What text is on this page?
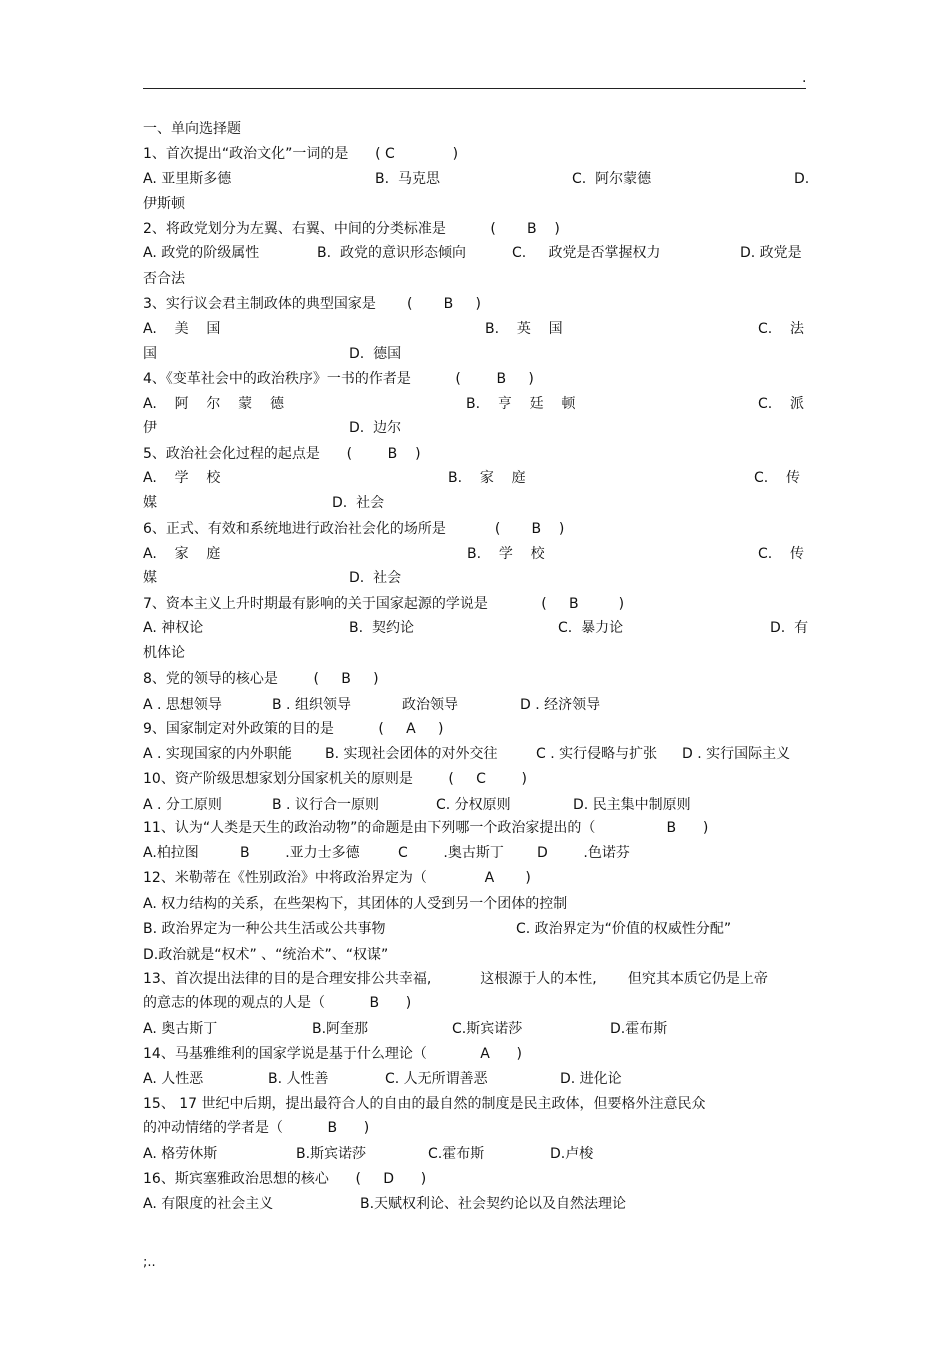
.
一、单向选择题
1、首次提出“政治文化”一词的是      ( C             )
A. 亚里斯多德	B.  马克思	C.  阿尔蒙德	D.
伊斯顿
2、将政党划分为左翼、右翼、中间的分类标准是          (       B    )
A. 政党的阶级属性	B.  政党的意识形态倾向	C.     政党是否掌握权力	D. 政党是
否合法
3、实行议会君主制政体的典型国家是       (       B     )
A.    美    国	B.    英    国	C.    法
国	D.  德国
4、《变革社会中的政治秩序》一书的作者是          (        B     )
A.    阿    尔    蒙    德	B.    亨    廷    顿	C.    派
伊	D.  边尔
5、政治社会化过程的起点是      (        B    )
A.    学    校	B.    家    庭	C.    传
媒	D.  社会
6、正式、有效和系统地进行政治社会化的场所是           (       B    )
A.    家    庭	B.    学    校	C.    传
媒	D.  社会
7、资本主义上升时期最有影响的关于国家起源的学说是            (     B         )
A. 神权论	B.  契约论	C.  暴力论	D.  有
机体论
8、党的领导的核心是        (     B     )
A . 思想领导	B . 组织领导	政治领导	D . 经济领导
9、国家制定对外政策的目的是          (     A     )
A . 实现国家的内外职能 B. 实现社会团体的对外交往	C . 实行侵略与扩张 D . 实行国际主义
10、资产阶级思想家划分国家机关的原则是        (     C        )
A . 分工原则	B . 议行合一原则	C. 分权原则	D. 民主集中制原则
11、认为“人类是天生的政治动物”的命题是由下列哪一个政治家提出的（                B      )
A.柏拉图	B        .亚力士多德	C        .奥古斯丁 D        .色诺芬
12、米勒蒂在《性别政治》中将政治界定为（             A       )
A. 权力结构的关系，在些架构下，其团体的人受到另一个团体的控制
B. 政治界定为一种公共生活或公共事物	C. 政治界定为“价值的权威性分配”
D.政治就是“权术” 、“统治术”、“权谋”
13、首次提出法律的目的是合理安排公共幸福,           这根源于人的本性,       但究其本质它仍是上帝
的意志的体现的观点的人是（          B      )
A. 奥古斯丁	B.阿奎那	C.斯宾诺莎	D.霍布斯
14、马基雅维利的国家学说是基于什么理论（            A      )
A. 人性恶	B. 人性善	C. 人无所谓善恶	D. 进化论
15、 17 世纪中后期，提出最符合人的自由的最自然的制度是民主政体，但要格外注意民众
的冲动情绪的学者是（          B      )
A. 格劳休斯	B.斯宾诺莎	C.霍布斯	D.卢梭
16、斯宾塞雅政治思想的核心      (     D      )
A. 有限度的社会主义	B.天赋权利论、社会契约论以及自然法理论
;..
